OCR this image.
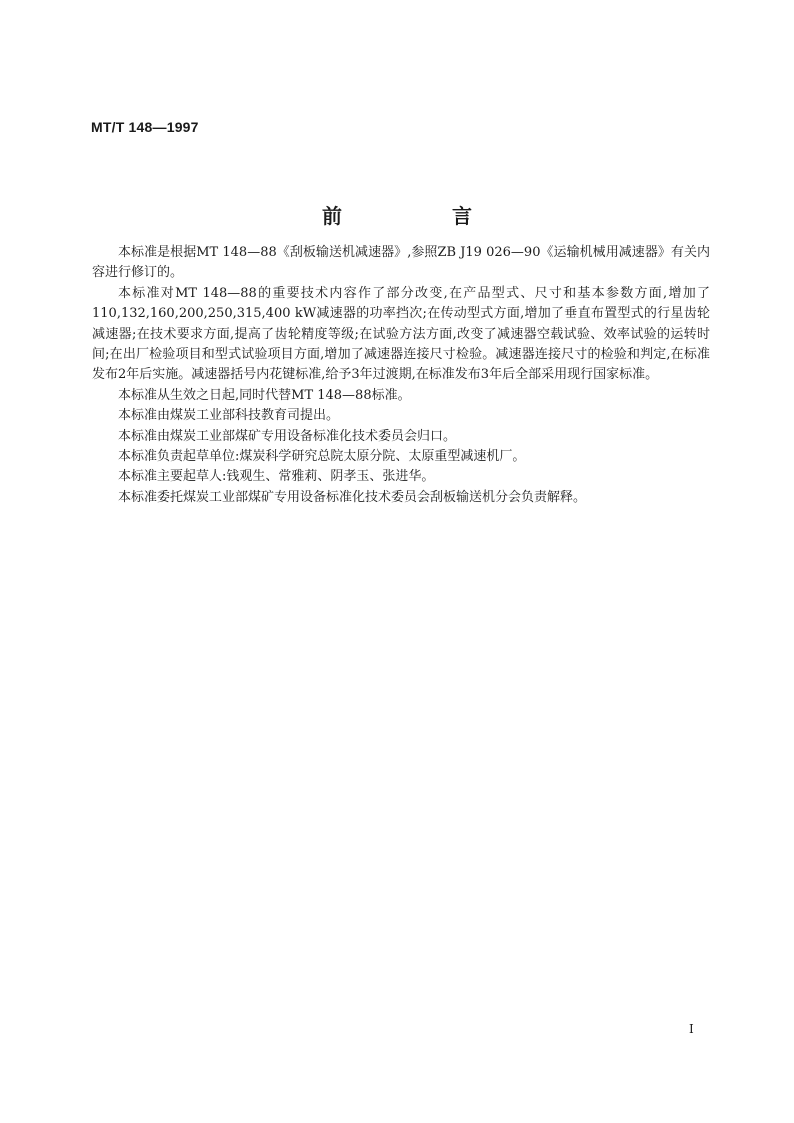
MT/T 148—1997
前　言

本标准是根据MT 148—88《刮板输送机减速器》,参照ZB J19 026—90《运输机械用减速器》有关内容进行修订的。

本标准对MT 148—88的重要技术内容作了部分改变,在产品型式、尺寸和基本参数方面,增加了110,132,160,200,250,315,400 kW减速器的功率挡次;在传动型式方面,增加了垂直布置型式的行星齿轮减速器;在技术要求方面,提高了齿轮精度等级;在试验方法方面,改变了减速器空载试验、效率试验的运转时间;在出厂检验项目和型式试验项目方面,增加了减速器连接尺寸检验。减速器连接尺寸的检验和判定,在标准发布2年后实施。减速器括号内花键标准,给予3年过渡期,在标准发布3年后全部采用现行国家标准。

本标准从生效之日起,同时代替MT 148—88标准。

本标准由煤炭工业部科技教育司提出。

本标准由煤炭工业部煤矿专用设备标准化技术委员会归口。

本标准负责起草单位:煤炭科学研究总院太原分院、太原重型减速机厂。

本标准主要起草人:钱观生、常雅莉、阴孝玉、张进华。

本标准委托煤炭工业部煤矿专用设备标准化技术委员会刮板输送机分会负责解释。

I
